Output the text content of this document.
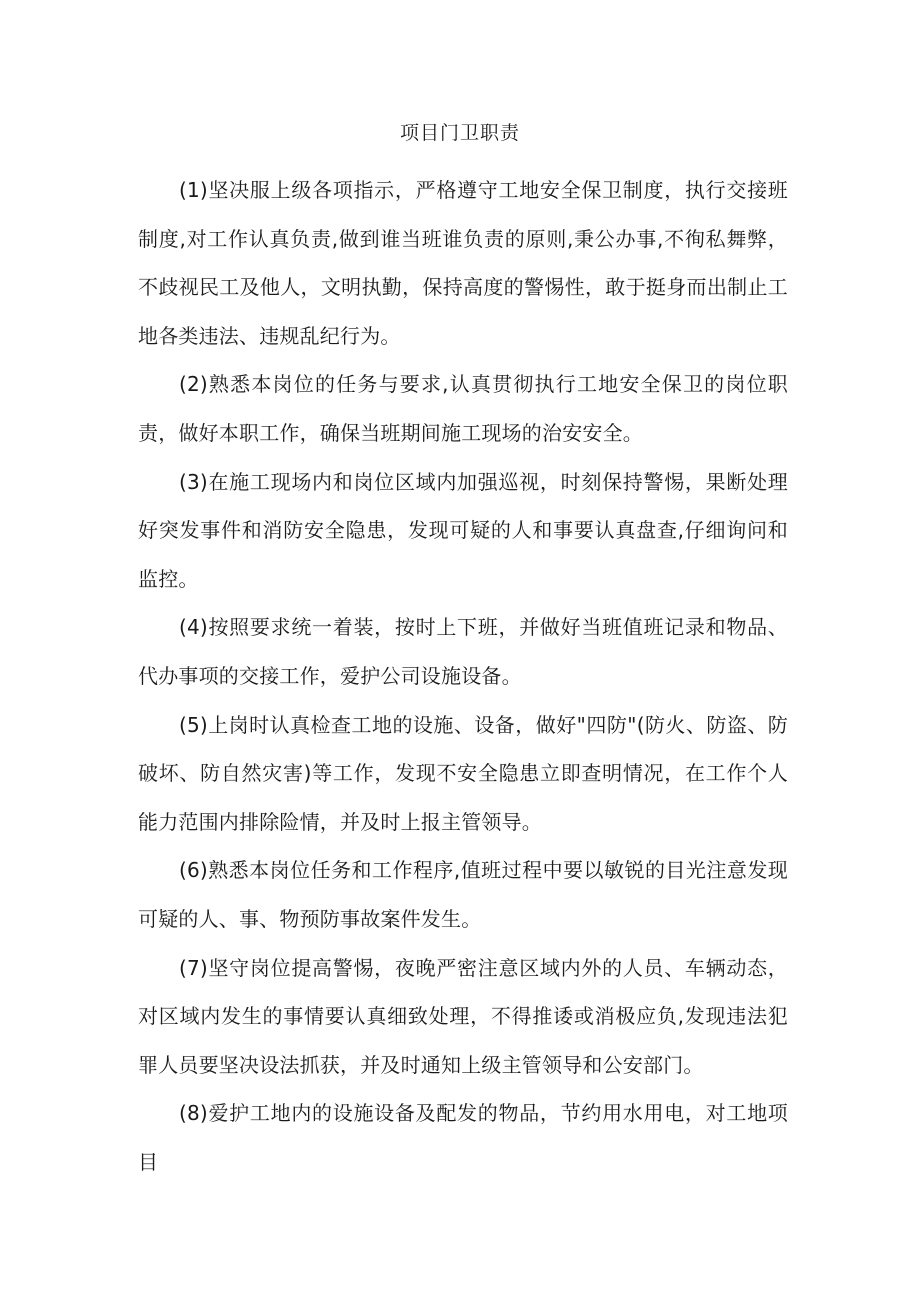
项目门卫职责

(1)坚决服上级各项指示，严格遵守工地安全保卫制度，执行交接班制度,对工作认真负责,做到谁当班谁负责的原则,秉公办事,不徇私舞弊，不歧视民工及他人，文明执勤，保持高度的警惕性，敢于挺身而出制止工地各类违法、违规乱纪行为。

(2)熟悉本岗位的任务与要求,认真贯彻执行工地安全保卫的岗位职责，做好本职工作，确保当班期间施工现场的治安安全。

(3)在施工现场内和岗位区域内加强巡视，时刻保持警惕，果断处理好突发事件和消防安全隐患，发现可疑的人和事要认真盘查,仔细询问和监控。

(4)按照要求统一着装，按时上下班，并做好当班值班记录和物品、代办事项的交接工作，爱护公司设施设备。

(5)上岗时认真检查工地的设施、设备，做好"四防"(防火、防盗、防破坏、防自然灾害)等工作，发现不安全隐患立即查明情况，在工作个人能力范围内排除险情，并及时上报主管领导。

(6)熟悉本岗位任务和工作程序,值班过程中要以敏锐的目光注意发现可疑的人、事、物预防事故案件发生。

(7)坚守岗位提高警惕，夜晚严密注意区域内外的人员、车辆动态，对区域内发生的事情要认真细致处理，不得推诿或消极应负,发现违法犯罪人员要坚决设法抓获，并及时通知上级主管领导和公安部门。

(8)爱护工地内的设施设备及配发的物品，节约用水用电，对工地项目
